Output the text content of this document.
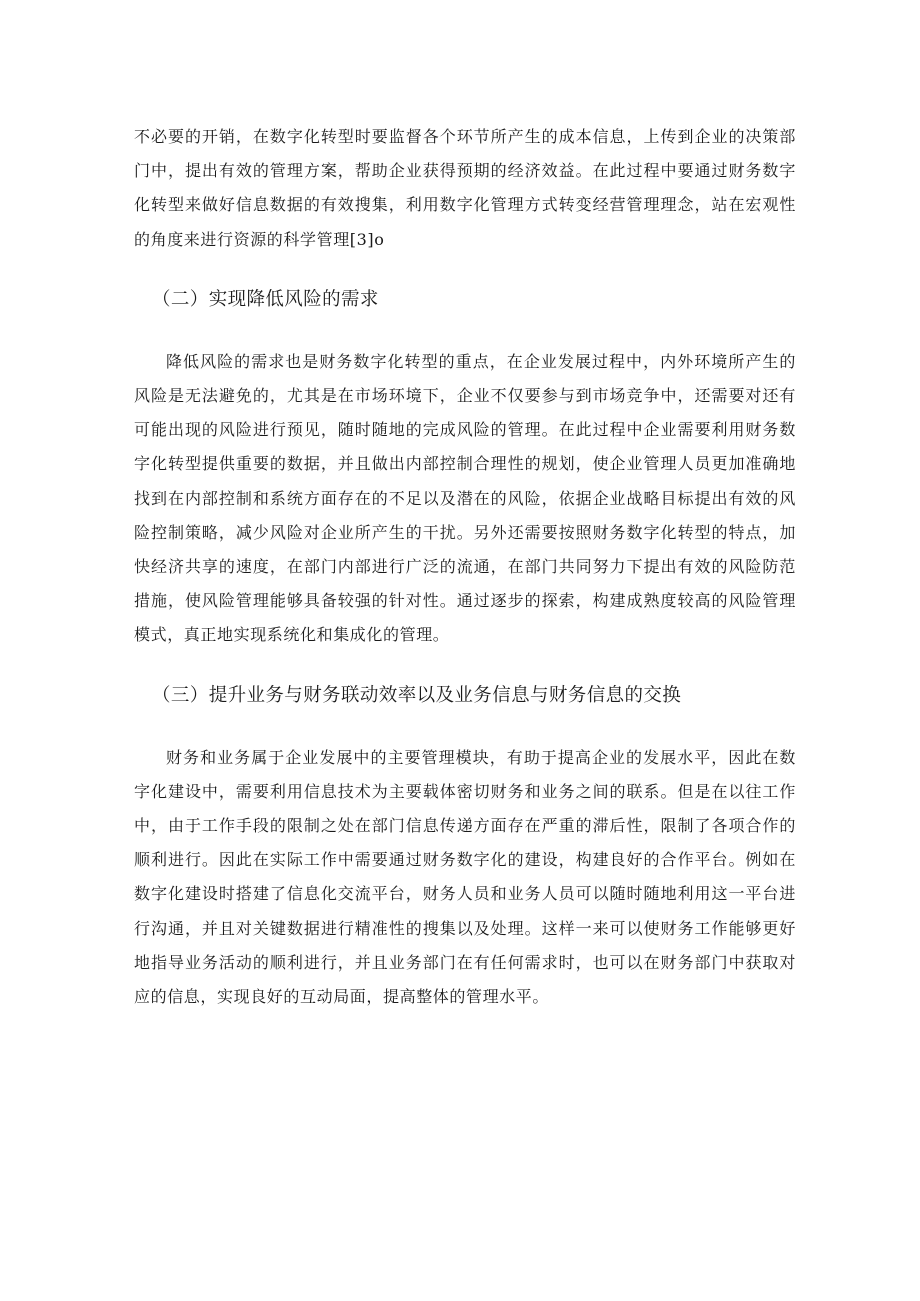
不必要的开销，在数字化转型时要监督各个环节所产生的成本信息，上传到企业的决策部门中，提出有效的管理方案，帮助企业获得预期的经济效益。在此过程中要通过财务数字化转型来做好信息数据的有效搜集，利用数字化管理方式转变经营管理理念，站在宏观性的角度来进行资源的科学管理[3]o

（二）实现降低风险的需求

降低风险的需求也是财务数字化转型的重点，在企业发展过程中，内外环境所产生的风险是无法避免的，尤其是在市场环境下，企业不仅要参与到市场竞争中，还需要对还有可能出现的风险进行预见，随时随地的完成风险的管理。在此过程中企业需要利用财务数字化转型提供重要的数据，并且做出内部控制合理性的规划，使企业管理人员更加准确地找到在内部控制和系统方面存在的不足以及潜在的风险，依据企业战略目标提出有效的风险控制策略，减少风险对企业所产生的干扰。另外还需要按照财务数字化转型的特点，加快经济共享的速度，在部门内部进行广泛的流通，在部门共同努力下提出有效的风险防范措施，使风险管理能够具备较强的针对性。通过逐步的探索，构建成熟度较高的风险管理模式，真正地实现系统化和集成化的管理。

（三）提升业务与财务联动效率以及业务信息与财务信息的交换

财务和业务属于企业发展中的主要管理模块，有助于提高企业的发展水平，因此在数字化建设中，需要利用信息技术为主要载体密切财务和业务之间的联系。但是在以往工作中，由于工作手段的限制之处在部门信息传递方面存在严重的滞后性，限制了各项合作的顺利进行。因此在实际工作中需要通过财务数字化的建设，构建良好的合作平台。例如在数字化建设时搭建了信息化交流平台，财务人员和业务人员可以随时随地利用这一平台进行沟通，并且对关键数据进行精准性的搜集以及处理。这样一来可以使财务工作能够更好地指导业务活动的顺利进行，并且业务部门在有任何需求时，也可以在财务部门中获取对应的信息，实现良好的互动局面，提高整体的管理水平。
